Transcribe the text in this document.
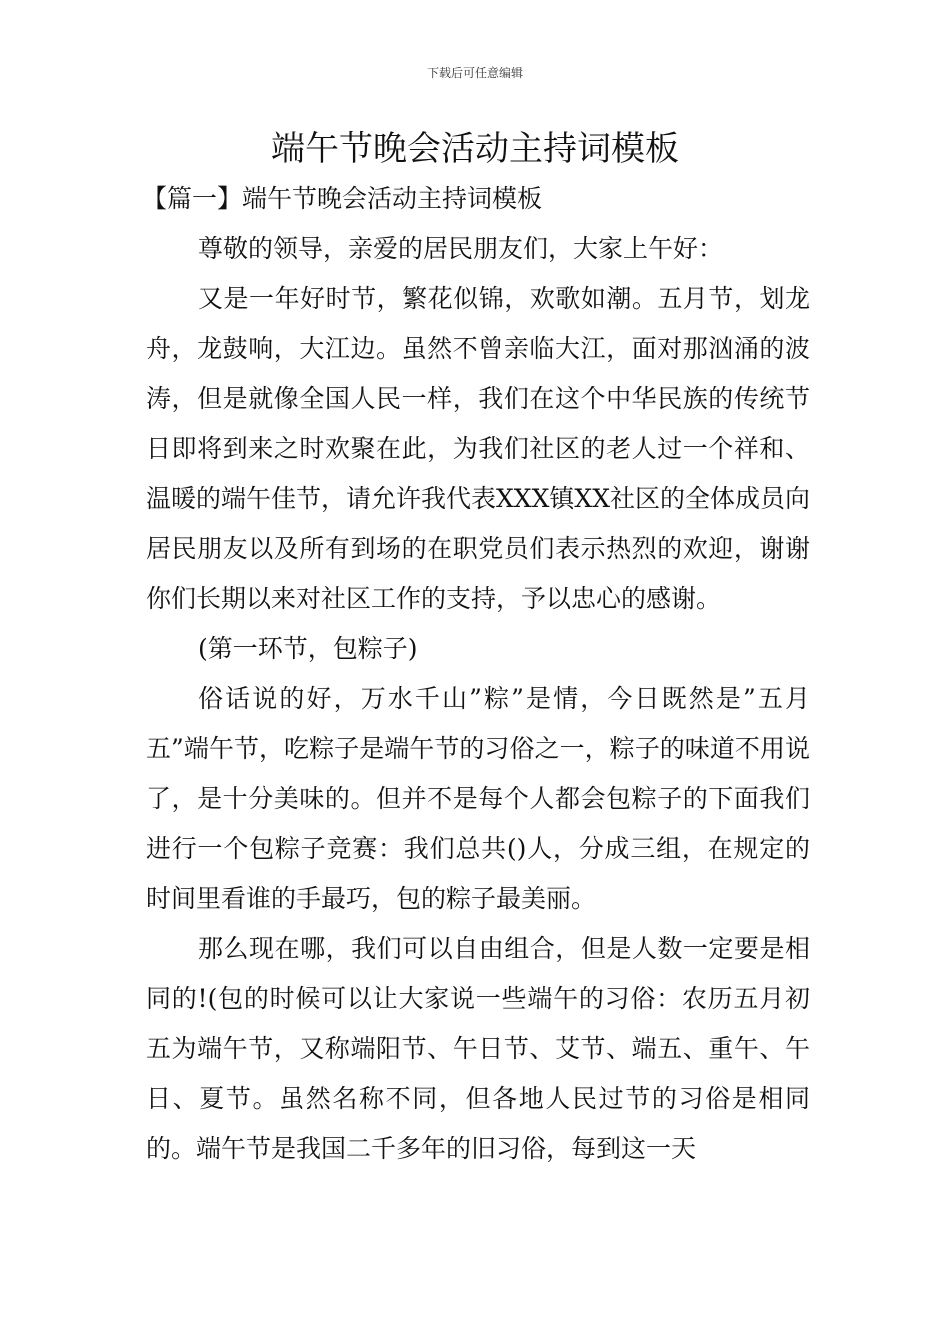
下载后可任意编辑
端午节晚会活动主持词模板

【篇一】端午节晚会活动主持词模板

尊敬的领导，亲爱的居民朋友们，大家上午好：

又是一年好时节，繁花似锦，欢歌如潮。五月节，划龙舟，龙鼓响，大江边。虽然不曾亲临大江，面对那汹涌的波涛，但是就像全国人民一样，我们在这个中华民族的传统节日即将到来之时欢聚在此，为我们社区的老人过一个祥和、温暖的端午佳节，请允许我代表XXX镇XX社区的全体成员向居民朋友以及所有到场的在职党员们表示热烈的欢迎，谢谢你们长期以来对社区工作的支持，予以忠心的感谢。

(第一环节，包粽子)

俗话说的好，万水千山”粽”是情，今日既然是”五月五”端午节，吃粽子是端午节的习俗之一，粽子的味道不用说了，是十分美味的。但并不是每个人都会包粽子的下面我们进行一个包粽子竞赛：我们总共()人，分成三组，在规定的时间里看谁的手最巧，包的粽子最美丽。

那么现在哪，我们可以自由组合，但是人数一定要是相同的!(包的时候可以让大家说一些端午的习俗：农历五月初五为端午节，又称端阳节、午日节、艾节、端五、重午、午日、夏节。虽然名称不同，但各地人民过节的习俗是相同的。端午节是我国二千多年的旧习俗，每到这一天
